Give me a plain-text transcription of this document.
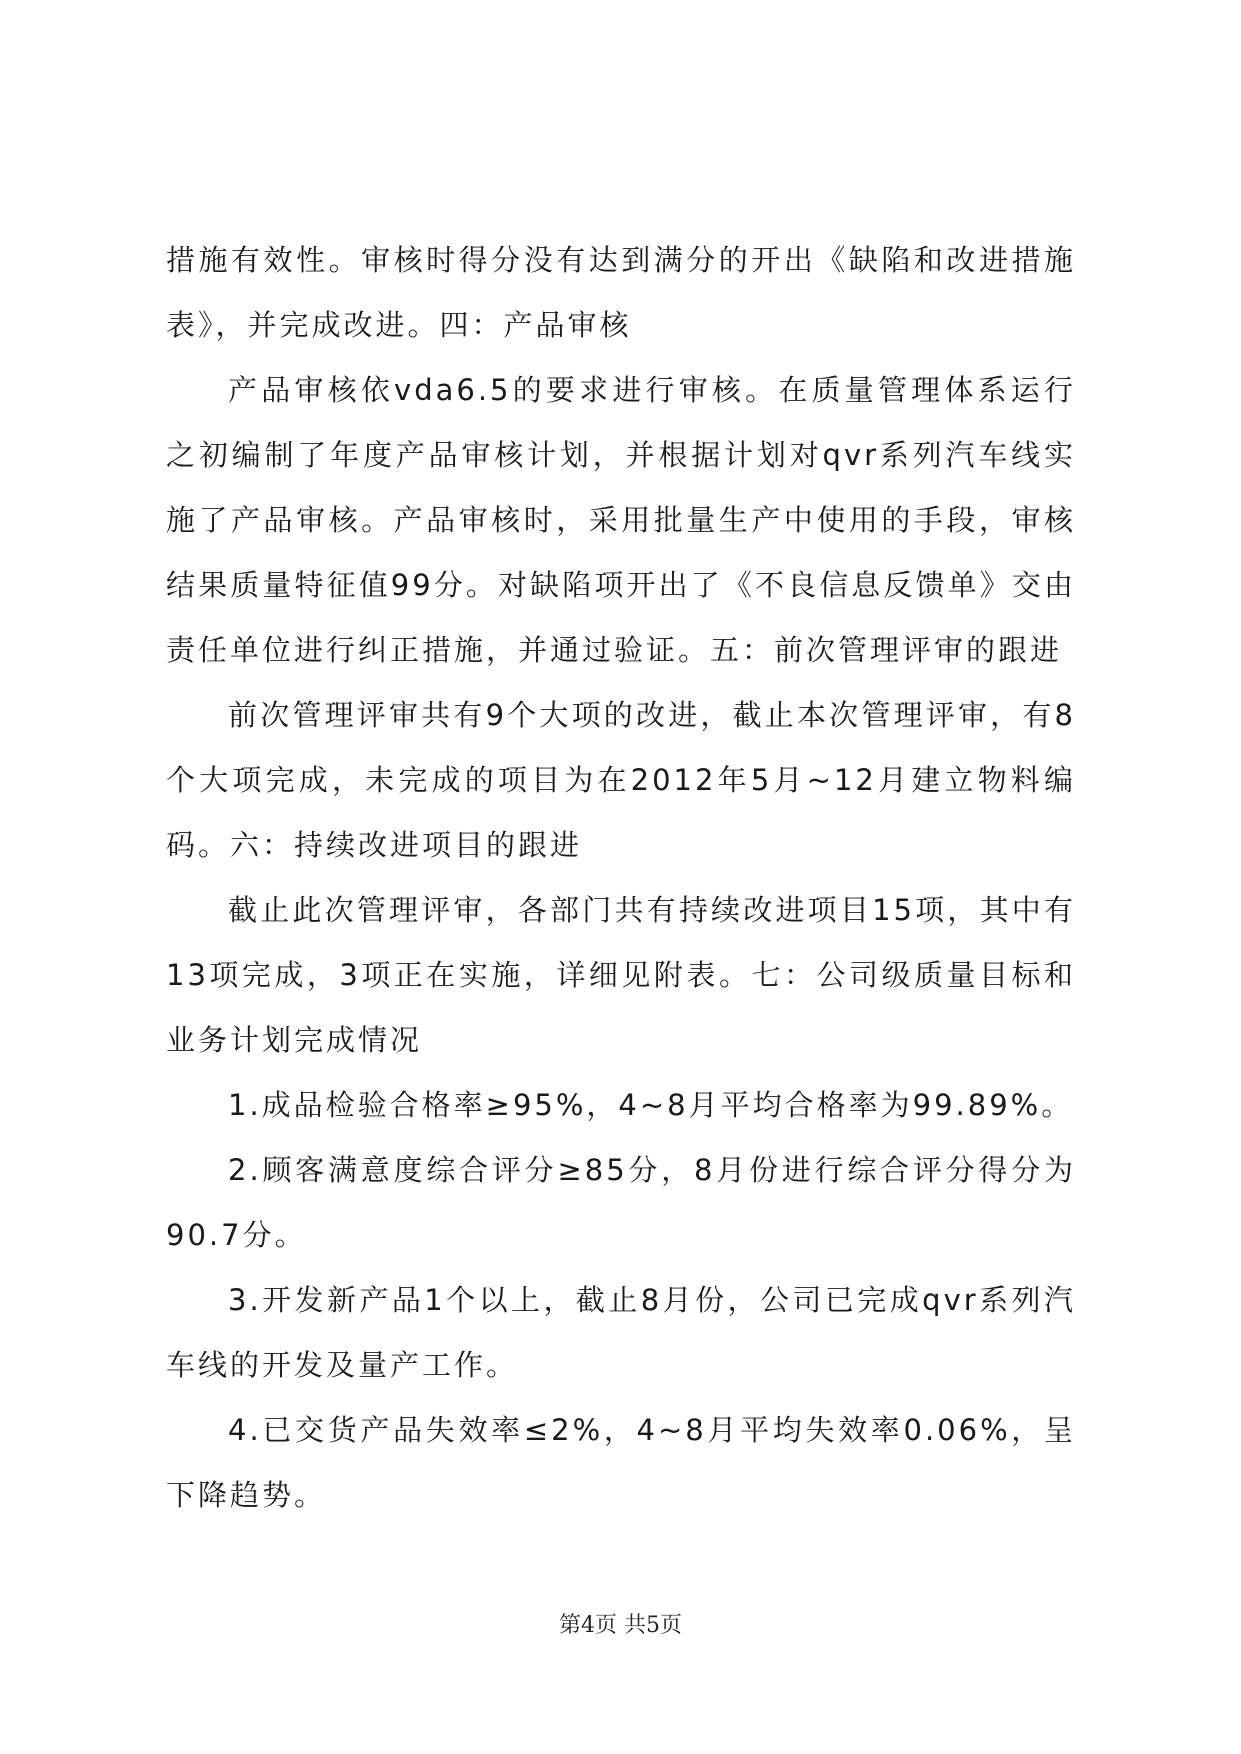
措施有效性。审核时得分没有达到满分的开出《缺陷和改进措施表》，并完成改进。四：产品审核

产品审核依vda6.5的要求进行审核。在质量管理体系运行之初编制了年度产品审核计划，并根据计划对qvr系列汽车线实施了产品审核。产品审核时，采用批量生产中使用的手段，审核结果质量特征值99分。对缺陷项开出了《不良信息反馈单》交由责任单位进行纠正措施，并通过验证。五：前次管理评审的跟进

前次管理评审共有9个大项的改进，截止本次管理评审，有8个大项完成，未完成的项目为在2012年5月~12月建立物料编码。六：持续改进项目的跟进

截止此次管理评审，各部门共有持续改进项目15项，其中有13项完成，3项正在实施，详细见附表。七：公司级质量目标和业务计划完成情况

1.成品检验合格率≥95%，4~8月平均合格率为99.89%。

2.顾客满意度综合评分≥85分，8月份进行综合评分得分为90.7分。

3.开发新产品1个以上，截止8月份，公司已完成qvr系列汽车线的开发及量产工作。

4.已交货产品失效率≤2%，4~8月平均失效率0.06%，呈下降趋势。

第4页 共5页
